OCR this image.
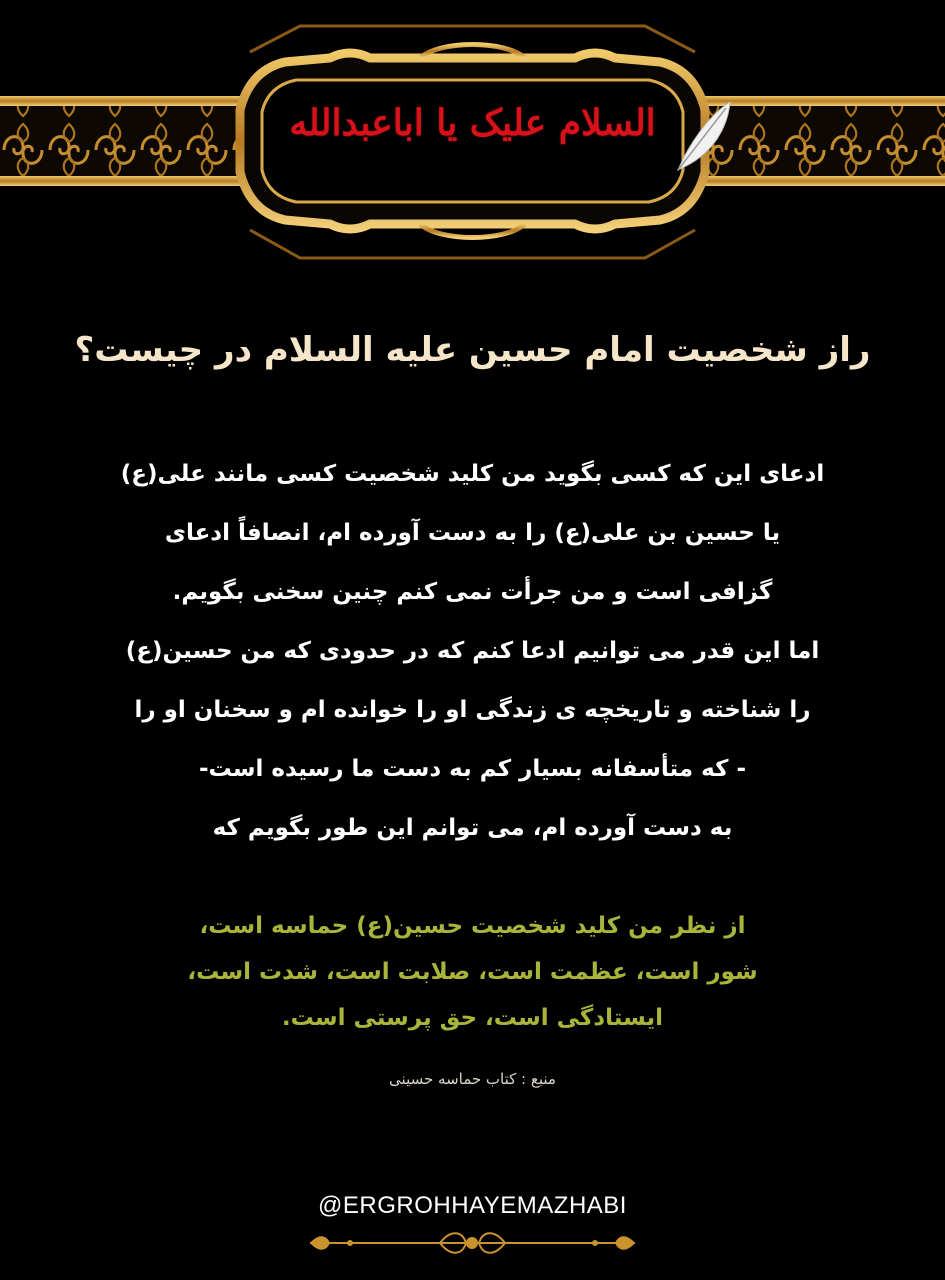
السلام علیک یا اباعبدالله
راز شخصیت امام حسین علیه السلام در چیست؟
ادعای این که کسی بگوید من کلید شخصیت کسی مانند علی(ع)
یا حسین بن علی(ع) را به دست آورده ام، انصافاً ادعای
گزافی است و من جرأت نمی کنم چنین سخنی بگویم.
اما این قدر می توانیم ادعا کنم که در حدودی که من حسین(ع)
را شناخته و تاریخچه ی زندگی او را خوانده ام و سخنان او را
- که متأسفانه بسیار کم به دست ما رسیده است-
به دست آورده ام، می توانم این طور بگویم که
از نظر من کلید شخصیت حسین(ع) حماسه است،
شور است، عظمت است، صلابت است، شدت است،
ایستادگی است، حق پرستی است.
منبع : کتاب حماسه حسینی
@ERGROHHAYEMAZHABI
